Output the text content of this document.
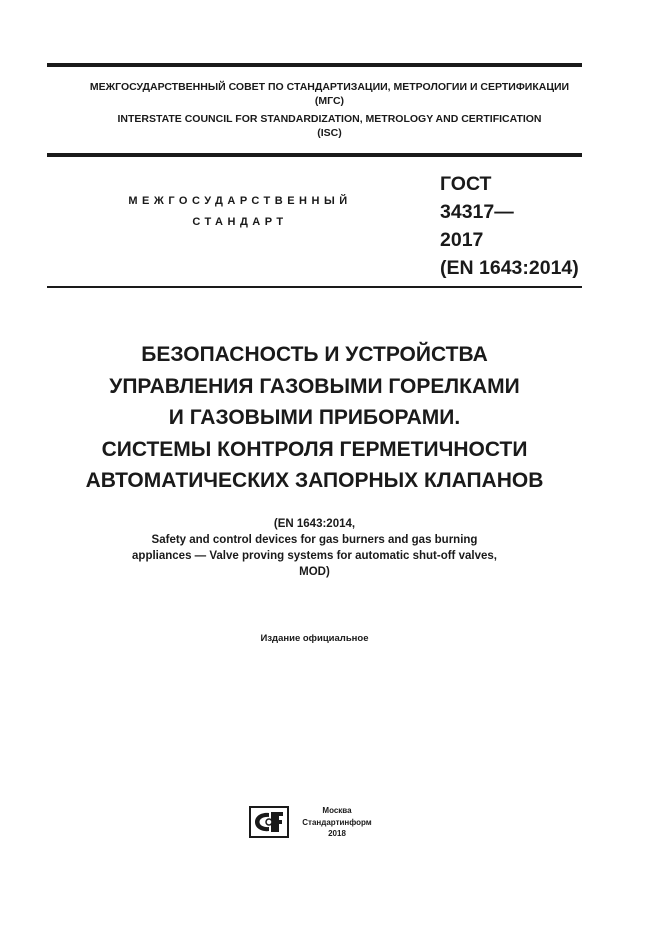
МЕЖГОСУДАРСТВЕННЫЙ СОВЕТ ПО СТАНДАРТИЗАЦИИ, МЕТРОЛОГИИ И СЕРТИФИКАЦИИ
(МГС)
INTERSTATE COUNCIL FOR STANDARDIZATION, METROLOGY AND CERTIFICATION
(ISC)
МЕЖГОСУДАРСТВЕННЫЙ
СТАНДАРТ
ГОСТ
34317—
2017
(EN 1643:2014)
БЕЗОПАСНОСТЬ И УСТРОЙСТВА
УПРАВЛЕНИЯ ГАЗОВЫМИ ГОРЕЛКАМИ
И ГАЗОВЫМИ ПРИБОРАМИ.
СИСТЕМЫ КОНТРОЛЯ ГЕРМЕТИЧНОСТИ
АВТОМАТИЧЕСКИХ ЗАПОРНЫХ КЛАПАНОВ
(EN 1643:2014,
Safety and control devices for gas burners and gas burning
appliances — Valve proving systems for automatic shut-off valves,
MOD)
Издание официальное
Москва
Стандартинформ
2018
